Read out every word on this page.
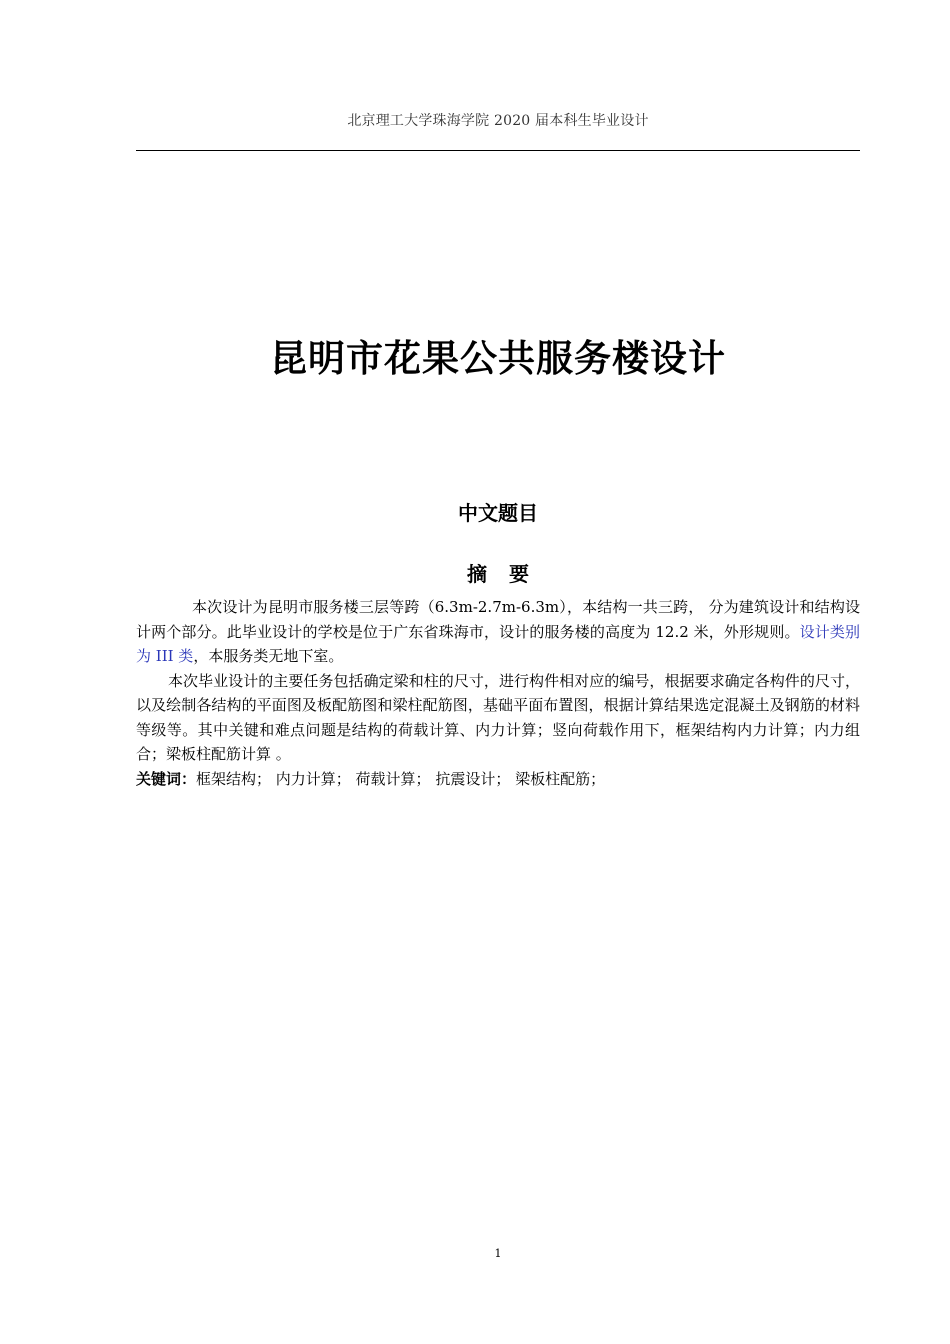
北京理工大学珠海学院 2020 届本科生毕业设计
昆明市花果公共服务楼设计
中文题目
摘 要

本次设计为昆明市服务楼三层等跨（6.3m-2.7m-6.3m），本结构一共三跨， 分为建筑设计和结构设计两个部分。此毕业设计的学校是位于广东省珠海市，设计的服务楼的高度为 12.2 米，外形规则。设计类别为 III 类，本服务类无地下室。

本次毕业设计的主要任务包括确定梁和柱的尺寸，进行构件相对应的编号，根据要求确定各构件的尺寸，以及绘制各结构的平面图及板配筋图和梁柱配筋图，基础平面布置图，根据计算结果选定混凝土及钢筋的材料等级等。其中关键和难点问题是结构的荷载计算、内力计算；竖向荷载作用下，框架结构内力计算；内力组合；梁板柱配筋计算 。

关键词：框架结构； 内力计算； 荷载计算； 抗震设计； 梁板柱配筋；

1
